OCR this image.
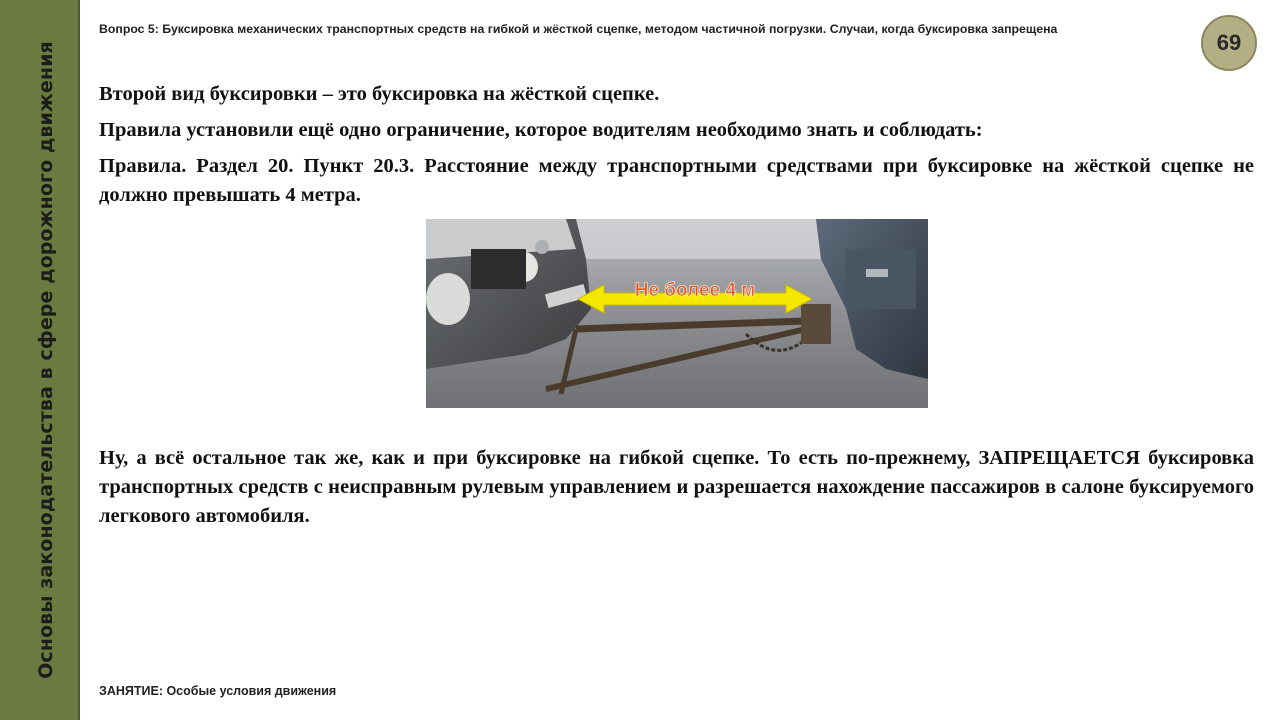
Основы законодательства в сфере дорожного движения
Вопрос 5: Буксировка механических транспортных средств на гибкой и жёсткой сцепке, методом частичной погрузки. Случаи, когда буксировка запрещена
69

Второй вид буксировки – это буксировка на жёсткой сцепке.

Правила установили ещё одно ограничение, которое водителям необходимо знать и соблюдать:

Правила. Раздел 20. Пункт 20.3. Расстояние между транспортными средствами при буксировке на жёсткой сцепке не должно превышать 4 метра.

Не более 4 м

Ну, а всё остальное так же, как и при буксировке на гибкой сцепке. То есть по-прежнему, ЗАПРЕЩАЕТСЯ буксировка транспортных средств с неисправным рулевым управлением и разрешается нахождение пассажиров в салоне буксируемого легкового автомобиля.

ЗАНЯТИЕ: Особые условия движения
